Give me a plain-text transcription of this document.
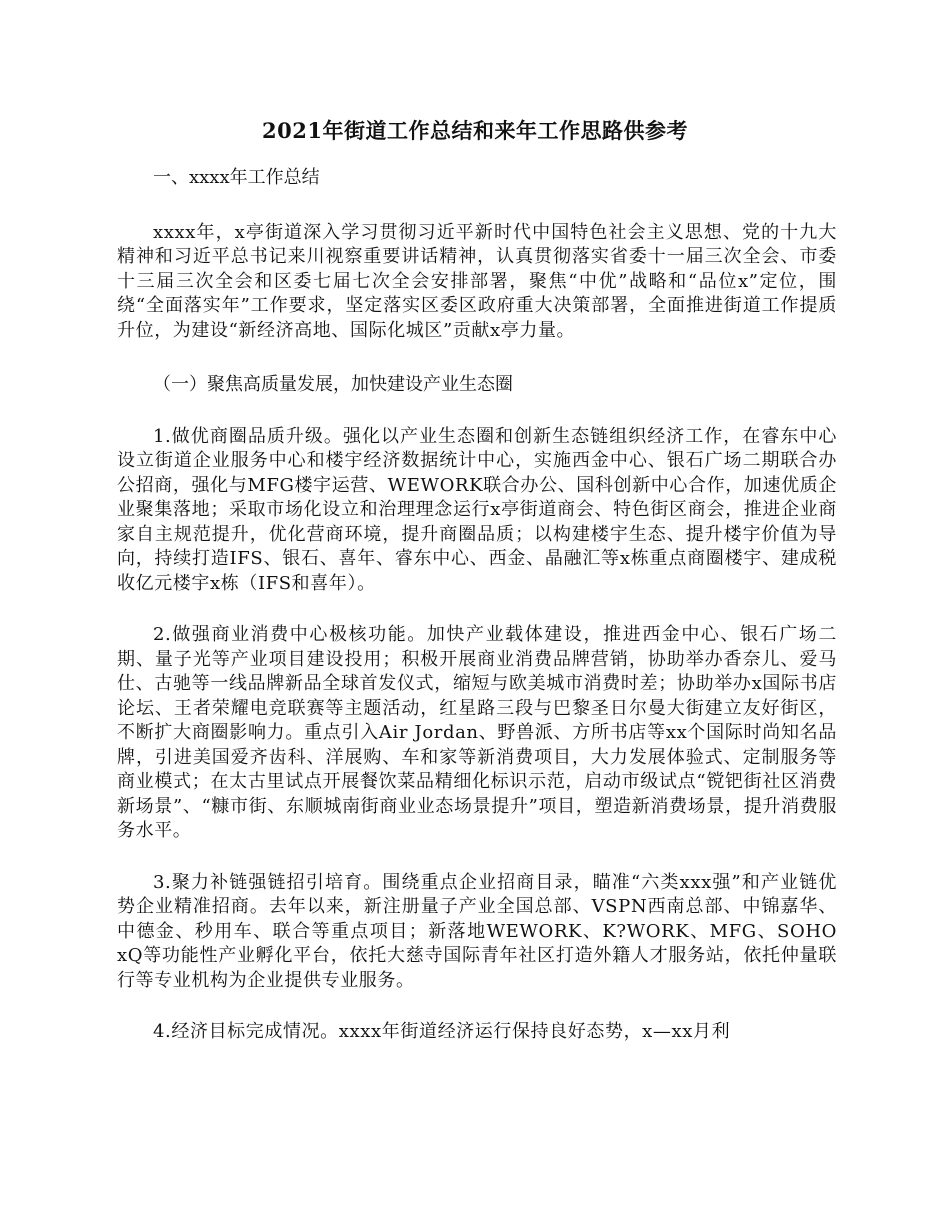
2021年街道工作总结和来年工作思路供参考

一、xxxx年工作总结

xxxx年，x亭街道深入学习贯彻习近平新时代中国特色社会主义思想、党的十九大精神和习近平总书记来川视察重要讲话精神，认真贯彻落实省委十一届三次全会、市委十三届三次全会和区委七届七次全会安排部署，聚焦“中优”战略和“品位x”定位，围绕“全面落实年”工作要求，坚定落实区委区政府重大决策部署，全面推进街道工作提质升位，为建设“新经济高地、国际化城区”贡献x亭力量。

（一）聚焦高质量发展，加快建设产业生态圈

1.做优商圈品质升级。强化以产业生态圈和创新生态链组织经济工作，在睿东中心设立街道企业服务中心和楼宇经济数据统计中心，实施西金中心、银石广场二期联合办公招商，强化与MFG楼宇运营、WEWORK联合办公、国科创新中心合作，加速优质企业聚集落地；采取市场化设立和治理理念运行x亭街道商会、特色街区商会，推进企业商家自主规范提升，优化营商环境，提升商圈品质；以构建楼宇生态、提升楼宇价值为导向，持续打造IFS、银石、喜年、睿东中心、西金、晶融汇等x栋重点商圈楼宇、建成税收亿元楼宇x栋（IFS和喜年）。

2.做强商业消费中心极核功能。加快产业载体建设，推进西金中心、银石广场二期、量子光等产业项目建设投用；积极开展商业消费品牌营销，协助举办香奈儿、爱马仕、古驰等一线品牌新品全球首发仪式，缩短与欧美城市消费时差；协助举办x国际书店论坛、王者荣耀电竞联赛等主题活动，红星路三段与巴黎圣日尔曼大街建立友好街区，不断扩大商圈影响力。重点引入Air Jordan、野兽派、方所书店等xx个国际时尚知名品牌，引进美国爱齐齿科、洋展购、车和家等新消费项目，大力发展体验式、定制服务等商业模式；在太古里试点开展餐饮菜品精细化标识示范，启动市级试点“镋钯街社区消费新场景”、“糠市街、东顺城南街商业业态场景提升”项目，塑造新消费场景，提升消费服务水平。

3.聚力补链强链招引培育。围绕重点企业招商目录，瞄准“六类xxx强”和产业链优势企业精准招商。去年以来，新注册量子产业全国总部、VSPN西南总部、中锦嘉华、中德金、秒用车、联合等重点项目；新落地WEWORK、K?WORK、MFG、SOHO xQ等功能性产业孵化平台，依托大慈寺国际青年社区打造外籍人才服务站，依托仲量联行等专业机构为企业提供专业服务。

4.经济目标完成情况。xxxx年街道经济运行保持良好态势，x—xx月利
